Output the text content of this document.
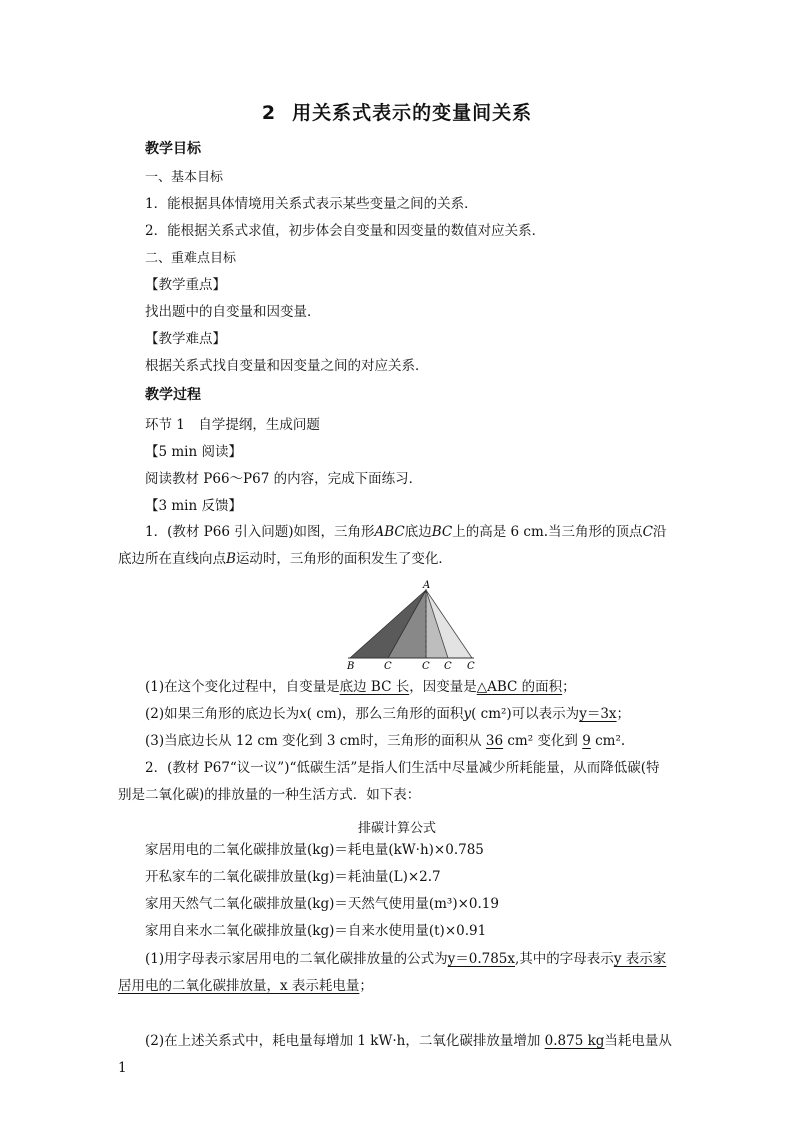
2 用关系式表示的变量间关系
教学目标
一、基本目标
1．能根据具体情境用关系式表示某些变量之间的关系．
2．能根据关系式求值，初步体会自变量和因变量的数值对应关系．
二、重难点目标
【教学重点】
找出题中的自变量和因变量．
【教学难点】
根据关系式找自变量和因变量之间的对应关系．
教学过程
环节 1　自学提纲，生成问题
【5 min 阅读】
阅读教材 P66～P67 的内容，完成下面练习．
【3 min 反馈】
1．(教材 P66 引入问题)如图，三角形ABC底边BC上的高是 6 cm.当三角形的顶点C沿
底边所在直线向点B运动时，三角形的面积发生了变化．
A
B	C	C C C
(1)在这个变化过程中，自变量是底边 BC 长，因变量是△ABC 的面积；
(2)如果三角形的底边长为x( cm)，那么三角形的面积y( cm²)可以表示为y＝3x；
(3)当底边长从 12 cm 变化到 3 cm时，三角形的面积从 36 cm² 变化到 9 cm².
2．(教材 P67“议一议”)“低碳生活”是指人们生活中尽量减少所耗能量，从而降低碳(特
别是二氧化碳)的排放量的一种生活方式．如下表：
排碳计算公式
家居用电的二氧化碳排放量(kg)＝耗电量(kW·h)×0.785
开私家车的二氧化碳排放量(kg)＝耗油量(L)×2.7
家用天然气二氧化碳排放量(kg)＝天然气使用量(m³)×0.19
家用自来水二氧化碳排放量(kg)＝自来水使用量(t)×0.91
(1)用字母表示家居用电的二氧化碳排放量的公式为y＝0.785x,其中的字母表示y 表示家
居用电的二氧化碳排放量，x 表示耗电量；
(2)在上述关系式中，耗电量每增加 1 kW·h，二氧化碳排放量增加 0.875 kg当耗电量从 1
